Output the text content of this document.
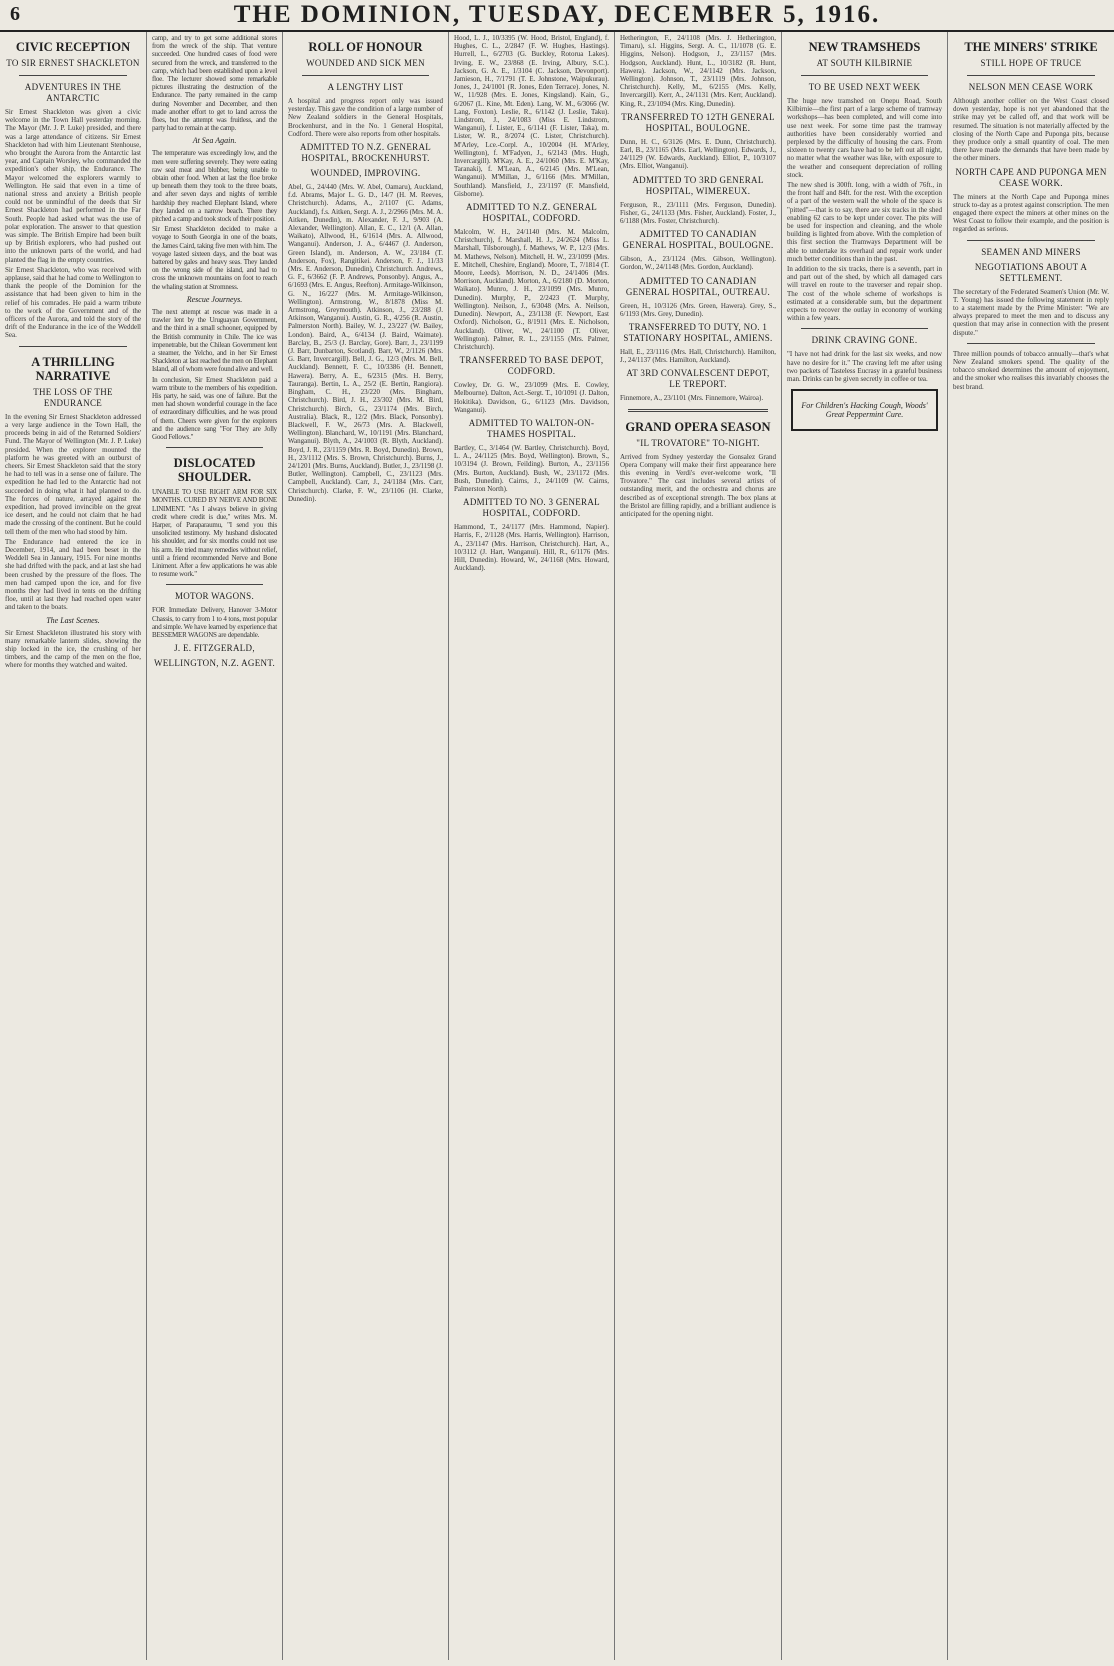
6	THE DOMINION, TUESDAY, DECEMBER 5, 1916.
CIVIC RECEPTION
TO SIR ERNEST SHACKLETON
ADVENTURES IN THE ANTARCTIC

Sir Ernest Shackleton was given a civic welcome in the Town Hall yesterday morning. The Mayor (Mr. J. P. Luke) presided, and there was a large attendance of citizens. Sir Ernest Shackleton had with him Lieutenant Stenhouse, who brought the Aurora from the Antarctic last year, and Captain Worsley, who commanded the expedition's other ship, the Endurance. The Mayor welcomed the explorers warmly to Wellington. He said that even in a time of national stress and anxiety a British people could not be unmindful of the deeds that Sir Ernest Shackleton had performed in the Far South. People had asked what was the use of polar exploration. The answer to that question was simple. The British Empire had been built up by British explorers, who had pushed out into the unknown parts of the world, and had planted the flag in the empty countries.

Sir Ernest Shackleton, who was received with applause, said that he had come to Wellington to thank the people of the Dominion for the assistance that had been given to him in the relief of his comrades. He paid a warm tribute to the work of the Government and of the officers of the Aurora, and told the story of the drift of the Endurance in the ice of the Weddell Sea.

A THRILLING NARRATIVE
THE LOSS OF THE ENDURANCE

In the evening Sir Ernest Shackleton addressed a very large audience in the Town Hall, the proceeds being in aid of the Returned Soldiers' Fund. The Mayor of Wellington (Mr. J. P. Luke) presided. When the explorer mounted the platform he was greeted with an outburst of cheers. Sir Ernest Shackleton said that the story he had to tell was in a sense one of failure. The expedition he had led to the Antarctic had not succeeded in doing what it had planned to do. The forces of nature, arrayed against the expedition, had proved invincible on the great ice desert, and he could not claim that he had made the crossing of the continent. But he could tell them of the men who had stood by him.

The Endurance had entered the ice in December, 1914, and had been beset in the Weddell Sea in January, 1915. For nine months she had drifted with the pack, and at last she had been crushed by the pressure of the floes. The men had camped upon the ice, and for five months they had lived in tents on the drifting floe, until at last they had reached open water and taken to the boats.

The Last Scenes.

Sir Ernest Shackleton illustrated his story with many remarkable lantern slides, showing the ship locked in the ice, the crushing of her timbers, and the camp of the men on the floe, where for months they watched and waited.

camp, and try to get some additional stores from the wreck of the ship. That venture succeeded. One hundred cases of food were secured from the wreck, and transferred to the camp, which had been established upon a level floe. The lecturer showed some remarkable pictures illustrating the destruction of the Endurance. The party remained in the camp during November and December, and then made another effort to get to land across the floes, but the attempt was fruitless, and the party had to remain at the camp.

At Sea Again.

The temperature was exceedingly low, and the men were suffering severely. They were eating raw seal meat and blubber, being unable to obtain other food. When at last the floe broke up beneath them they took to the three boats, and after seven days and nights of terrible hardship they reached Elephant Island, where they landed on a narrow beach. There they pitched a camp and took stock of their position.

Sir Ernest Shackleton decided to make a voyage to South Georgia in one of the boats, the James Caird, taking five men with him. The voyage lasted sixteen days, and the boat was battered by gales and heavy seas. They landed on the wrong side of the island, and had to cross the unknown mountains on foot to reach the whaling station at Stromness.

Rescue Journeys.

The next attempt at rescue was made in a trawler lent by the Uruguayan Government, and the third in a small schooner, equipped by the British community in Chile. The ice was impenetrable, but the Chilean Government lent a steamer, the Yelcho, and in her Sir Ernest Shackleton at last reached the men on Elephant Island, all of whom were found alive and well.

In conclusion, Sir Ernest Shackleton paid a warm tribute to the members of his expedition. His party, he said, was one of failure. But the men had shown wonderful courage in the face of extraordinary difficulties, and he was proud of them. Cheers were given for the explorers and the audience sang "For They are Jolly Good Fellows."

DISLOCATED SHOULDER.

UNABLE TO USE RIGHT ARM FOR SIX MONTHS. CURED BY NERVE AND BONE LINIMENT. "As I always believe in giving credit where credit is due," writes Mrs. M. Harper, of Paraparaumu, "I send you this unsolicited testimony. My husband dislocated his shoulder, and for six months could not use his arm. He tried many remedies without relief, until a friend recommended Nerve and Bone Liniment. After a few applications he was able to resume work."

MOTOR WAGONS.

FOR Immediate Delivery, Hanover 3-Motor Chassis, to carry from 1 to 4 tons, most popular and simple. We have learned by experience that BESSEMER WAGONS are dependable.

J. E. FITZGERALD,
WELLINGTON, N.Z. AGENT.
ROLL OF HONOUR
WOUNDED AND SICK MEN
A LENGTHY LIST

A hospital and progress report only was issued yesterday. This gave the condition of a large number of New Zealand soldiers in the General Hospitals, Brockenhurst, and in the No. 1 General Hospital, Codford. There were also reports from other hospitals.

ADMITTED TO N.Z. GENERAL HOSPITAL, BROCKENHURST.
WOUNDED, IMPROVING.

Abel, G., 24/440 (Mrs. W. Abel, Oamaru), Auckland, f.d. Abrams, Major L. G. D., 14/7 (H. M. Reeves, Christchurch). Adams, A., 2/1107 (C. Adams, Auckland), f.s. Aitken, Sergt. A. J., 2/2966 (Mrs. M. A. Aitken, Dunedin), m. Alexander, F. J., 9/903 (A. Alexander, Wellington). Allan, E. C., 12/1 (A. Allan, Waikato), Allwood, H., 6/1614 (Mrs. A. Allwood, Wanganui). Anderson, J. A., 6/4467 (J. Anderson, Green Island), m. Anderson, A. W., 23/184 (T. Anderson, Fox), Rangitikei. Anderson, F. J., 11/33 (Mrs. E. Anderson, Dunedin), Christchurch. Andrews, G. F., 6/3662 (F. P. Andrews, Ponsonby). Angus, A., 6/1693 (Mrs. E. Angus, Reefton). Armitage-Wilkinson, G. N., 16/227 (Mrs. M. Armitage-Wilkinson, Wellington). Armstrong, W., 8/1878 (Miss M. Armstrong, Greymouth). Atkinson, J., 23/288 (J. Atkinson, Wanganui). Austin, G. R., 4/256 (R. Austin, Palmerston North). Bailey, W. J., 23/227 (W. Bailey, London). Baird, A., 6/4134 (J. Baird, Waimate). Barclay, B., 25/3 (J. Barclay, Gore). Barr, J., 23/1199 (J. Barr, Dunbarton, Scotland). Barr, W., 2/1126 (Mrs. G. Barr, Invercargill). Bell, J. G., 12/3 (Mrs. M. Bell, Auckland). Bennett, F. C., 10/3386 (H. Bennett, Hawera). Berry, A. E., 6/2315 (Mrs. H. Berry, Tauranga). Bertin, L. A., 25/2 (E. Bertin, Rangiora). Bingham, C. H., 23/220 (Mrs. Bingham, Christchurch). Bird, J. H., 23/302 (Mrs. M. Bird, Christchurch). Birch, G., 23/1174 (Mrs. Birch, Australia). Black, R., 12/2 (Mrs. Black, Ponsonby). Blackwell, F. W., 26/73 (Mrs. A. Blackwell, Wellington). Blanchard, W., 10/1191 (Mrs. Blanchard, Wanganui). Blyth, A., 24/1003 (R. Blyth, Auckland). Boyd, J. R., 23/1159 (Mrs. R. Boyd, Dunedin). Brown, H., 23/1112 (Mrs. S. Brown, Christchurch). Burns, J., 24/1201 (Mrs. Burns, Auckland). Butler, J., 23/1198 (J. Butler, Wellington). Campbell, C., 23/1123 (Mrs. Campbell, Auckland). Carr, J., 24/1184 (Mrs. Carr, Christchurch). Clarke, F. W., 23/1106 (H. Clarke, Dunedin).

Hood, L. J., 10/3395 (W. Hood, Bristol, England), f. Hughes, C. L., 2/2847 (F. W. Hughes, Hastings). Hurrell, L., 6/2703 (G. Buckley, Rotorua Lakes). Irving, E. W., 23/868 (E. Irving, Albury, S.C.). Jackson, G. A. E., 1/3104 (C. Jackson, Devonport). Jamieson, H., 7/1791 (T. E. Johnstone, Waipukurau). Jones, J., 24/1001 (R. Jones, Eden Terrace). Jones, N. W., 11/928 (Mrs. E. Jones, Kingsland). Kain, G., 6/2067 (L. Kine, Mt. Eden). Lang, W. M., 6/3066 (W. Lang, Foxton). Leslie, R., 6/1142 (J. Leslie, Taku). Lindstrom, J., 24/1083 (Miss E. Lindstrom, Wanganui), f. Lister, E., 6/1141 (F. Lister, Taka), m. Lister, W. R., 8/2074 (C. Lister, Christchurch). M'Arley, Lce.-Corpl. A., 10/2004 (H. M'Arley, Wellington), f. M'Fadyen, J., 6/2143 (Mrs. Hugh, Invercargill). M'Kay, A. E., 24/1060 (Mrs. E. M'Kay, Taranaki), f. M'Lean, A., 6/2145 (Mrs. M'Lean, Wanganui). M'Millan, J., 6/1166 (Mrs. M'Millan, Southland). Mansfield, J., 23/1197 (F. Mansfield, Gisborne).

ADMITTED TO N.Z. GENERAL HOSPITAL, CODFORD.

Malcolm, W. H., 24/1140 (Mrs. M. Malcolm, Christchurch), f. Marshall, H. J., 24/2624 (Miss L. Marshall, Tilsborough), f. Mathews, W. P., 12/3 (Mrs. M. Mathews, Nelson). Mitchell, H. W., 23/1099 (Mrs. E. Mitchell, Cheshire, England). Moore, T., 7/1814 (T. Moore, Leeds). Morrison, N. D., 24/1406 (Mrs. Morrison, Auckland). Morton, A., 6/2180 (D. Morton, Waikato). Munro, J. H., 23/1099 (Mrs. Munro, Dunedin). Murphy, P., 2/2423 (T. Murphy, Wellington). Neilson, J., 6/3048 (Mrs. A. Neilson, Dunedin). Newport, A., 23/1138 (F. Newport, East Oxford). Nicholson, G., 8/1911 (Mrs. E. Nicholson, Auckland). Oliver, W., 24/1100 (T. Oliver, Wellington). Palmer, R. L., 23/1155 (Mrs. Palmer, Christchurch).

TRANSFERRED TO BASE DEPOT, CODFORD.

Cowley, Dr. G. W., 23/1099 (Mrs. E. Cowley, Melbourne). Dalton, Act.-Sergt. T., 10/1091 (J. Dalton, Hokitika). Davidson, G., 6/1123 (Mrs. Davidson, Wanganui).

ADMITTED TO WALTON-ON-THAMES HOSPITAL.

Bartley, C., 3/1464 (W. Bartley, Christchurch). Boyd, L. A., 24/1125 (Mrs. Boyd, Wellington). Brown, S., 10/3194 (J. Brown, Feilding). Burton, A., 23/1156 (Mrs. Burton, Auckland). Bush, W., 23/1172 (Mrs. Bush, Dunedin). Cairns, J., 24/1109 (W. Cairns, Palmerston North).

ADMITTED TO NO. 3 GENERAL HOSPITAL, CODFORD.

Hammond, T., 24/1177 (Mrs. Hammond, Napier). Harris, F., 2/1128 (Mrs. Harris, Wellington). Harrison, A., 23/1147 (Mrs. Harrison, Christchurch). Hart, A., 10/3112 (J. Hart, Wanganui). Hill, R., 6/1176 (Mrs. Hill, Dunedin). Howard, W., 24/1168 (Mrs. Howard, Auckland).

Hetherington, F., 24/1108 (Mrs. J. Hetherington, Timaru), s.l. Higgins, Sergt. A. C., 11/1078 (G. E. Higgins, Nelson). Hodgson, J., 23/1157 (Mrs. Hodgson, Auckland). Hunt, L., 10/3182 (R. Hunt, Hawera). Jackson, W., 24/1142 (Mrs. Jackson, Wellington). Johnson, T., 23/1119 (Mrs. Johnson, Christchurch). Kelly, M., 6/2155 (Mrs. Kelly, Invercargill). Kerr, A., 24/1131 (Mrs. Kerr, Auckland). King, R., 23/1094 (Mrs. King, Dunedin).

TRANSFERRED TO 12TH GENERAL HOSPITAL, BOULOGNE.

Dunn, H. C., 6/3126 (Mrs. E. Dunn, Christchurch). Earl, B., 23/1165 (Mrs. Earl, Wellington). Edwards, J., 24/1129 (W. Edwards, Auckland). Elliot, P., 10/3107 (Mrs. Elliot, Wanganui).

ADMITTED TO 3RD GENERAL HOSPITAL, WIMEREUX.

Ferguson, R., 23/1111 (Mrs. Ferguson, Dunedin). Fisher, G., 24/1133 (Mrs. Fisher, Auckland). Foster, J., 6/1188 (Mrs. Foster, Christchurch).

ADMITTED TO CANADIAN GENERAL HOSPITAL, BOULOGNE.

Gibson, A., 23/1124 (Mrs. Gibson, Wellington). Gordon, W., 24/1148 (Mrs. Gordon, Auckland).

ADMITTED TO CANADIAN GENERAL HOSPITAL, OUTREAU.

Green, H., 10/3126 (Mrs. Green, Hawera). Grey, S., 6/1193 (Mrs. Grey, Dunedin).

TRANSFERRED TO DUTY, NO. 1 STATIONARY HOSPITAL, AMIENS.

Hall, E., 23/1116 (Mrs. Hall, Christchurch). Hamilton, J., 24/1137 (Mrs. Hamilton, Auckland).

AT 3RD CONVALESCENT DEPOT, LE TREPORT.

Finnemore, A., 23/1101 (Mrs. Finnemore, Wairoa).

GRAND OPERA SEASON
"IL TROVATORE" TO-NIGHT.

Arrived from Sydney yesterday the Gonsalez Grand Opera Company will make their first appearance here this evening in Verdi's ever-welcome work, "Il Trovatore." The cast includes several artists of outstanding merit, and the orchestra and chorus are described as of exceptional strength. The box plans at the Bristol are filling rapidly, and a brilliant audience is anticipated for the opening night.

NEW TRAMSHEDS
AT SOUTH KILBIRNIE
TO BE USED NEXT WEEK

The huge new tramshed on Onepu Road, South Kilbirnie—the first part of a large scheme of tramway workshops—has been completed, and will come into use next week. For some time past the tramway authorities have been considerably worried and perplexed by the difficulty of housing the cars. From sixteen to twenty cars have had to be left out all night, no matter what the weather was like, with exposure to the weather and consequent depreciation of rolling stock.

The new shed is 300ft. long, with a width of 76ft., in the front half and 84ft. for the rest. With the exception of a part of the western wall the whole of the space is "pitted"—that is to say, there are six tracks in the shed enabling 62 cars to be kept under cover. The pits will be used for inspection and cleaning, and the whole building is lighted from above. With the completion of this first section the Tramways Department will be able to undertake its overhaul and repair work under much better conditions than in the past.

In addition to the six tracks, there is a seventh, part in and part out of the shed, by which all damaged cars will travel en route to the traverser and repair shop. The cost of the whole scheme of workshops is estimated at a considerable sum, but the department expects to recover the outlay in economy of working within a few years.

DRINK CRAVING GONE.

"I have not had drink for the last six weeks, and now have no desire for it." The craving left me after using two packets of Tasteless Eucrasy in a grateful business man. Drinks can be given secretly in coffee or tea.

For Children's Hacking Cough, Woods' Great Peppermint Cure.
THE MINERS' STRIKE
STILL HOPE OF TRUCE
NELSON MEN CEASE WORK

Although another collier on the West Coast closed down yesterday, hope is not yet abandoned that the strike may yet be called off, and that work will be resumed. The situation is not materially affected by the closing of the North Cape and Puponga pits, because they produce only a small quantity of coal. The men there have made the demands that have been made by the other miners.

NORTH CAPE AND PUPONGA MEN CEASE WORK.

The miners at the North Cape and Puponga mines struck to-day as a protest against conscription. The men engaged there expect the miners at other mines on the West Coast to follow their example, and the position is regarded as serious.

SEAMEN AND MINERS
NEGOTIATIONS ABOUT A SETTLEMENT.

The secretary of the Federated Seamen's Union (Mr. W. T. Young) has issued the following statement in reply to a statement made by the Prime Minister: "We are always prepared to meet the men and to discuss any question that may arise in connection with the present dispute."

Three million pounds of tobacco annually—that's what New Zealand smokers spend. The quality of the tobacco smoked determines the amount of enjoyment, and the smoker who realises this invariably chooses the best brand.
